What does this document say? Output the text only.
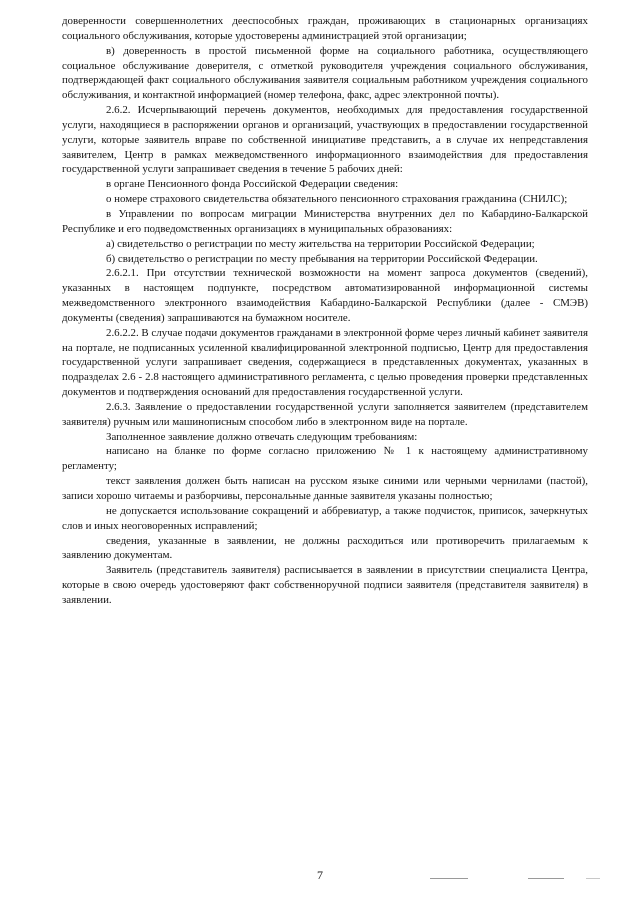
доверенности совершеннолетних дееспособных граждан, проживающих в стационарных организациях социального обслуживания, которые удостоверены администрацией этой организации;

в) доверенность в простой письменной форме на социального работника, осуществляющего социальное обслуживание доверителя, с отметкой руководителя учреждения социального обслуживания, подтверждающей факт социального обслуживания заявителя социальным работником учреждения социального обслуживания, и контактной информацией (номер телефона, факс, адрес электронной почты).

2.6.2. Исчерпывающий перечень документов, необходимых для предоставления государственной услуги, находящиеся в распоряжении органов и организаций, участвующих в предоставлении государственной услуги, которые заявитель вправе по собственной инициативе представить, а в случае их непредставления заявителем, Центр в рамках межведомственного информационного взаимодействия для предоставления государственной услуги запрашивает сведения в течение 5 рабочих дней:

в органе Пенсионного фонда Российской Федерации сведения:

о номере страхового свидетельства обязательного пенсионного страхования гражданина (СНИЛС);

в Управлении по вопросам миграции Министерства внутренних дел по Кабардино-Балкарской Республике и его подведомственных организациях в муниципальных образованиях:

а) свидетельство о регистрации по месту жительства на территории Российской Федерации;

б) свидетельство о регистрации по месту пребывания на территории Российской Федерации.

2.6.2.1. При отсутствии технической возможности на момент запроса документов (сведений), указанных в настоящем подпункте, посредством автоматизированной информационной системы межведомственного электронного взаимодействия Кабардино-Балкарской Республики (далее - СМЭВ) документы (сведения) запрашиваются на бумажном носителе.

2.6.2.2. В случае подачи документов гражданами в электронной форме через личный кабинет заявителя на портале, не подписанных усиленной квалифицированной электронной подписью, Центр для предоставления государственной услуги запрашивает сведения, содержащиеся в представленных документах, указанных в подразделах 2.6 - 2.8 настоящего административного регламента, с целью проведения проверки представленных документов и подтверждения оснований для предоставления государственной услуги.

2.6.3. Заявление о предоставлении государственной услуги заполняется заявителем (представителем заявителя) ручным или машинописным способом либо в электронном виде на портале.

Заполненное заявление должно отвечать следующим требованиям:

написано на бланке по форме согласно приложению № 1 к настоящему административному регламенту;

текст заявления должен быть написан на русском языке синими или черными чернилами (пастой), записи хорошо читаемы и разборчивы, персональные данные заявителя указаны полностью;

не допускается использование сокращений и аббревиатур, а также подчисток, приписок, зачеркнутых слов и иных неоговоренных исправлений;

сведения, указанные в заявлении, не должны расходиться или противоречить прилагаемым к заявлению документам.

Заявитель (представитель заявителя) расписывается в заявлении в присутствии специалиста Центра, которые в свою очередь удостоверяют факт собственноручной подписи заявителя (представителя заявителя) в заявлении.

7
